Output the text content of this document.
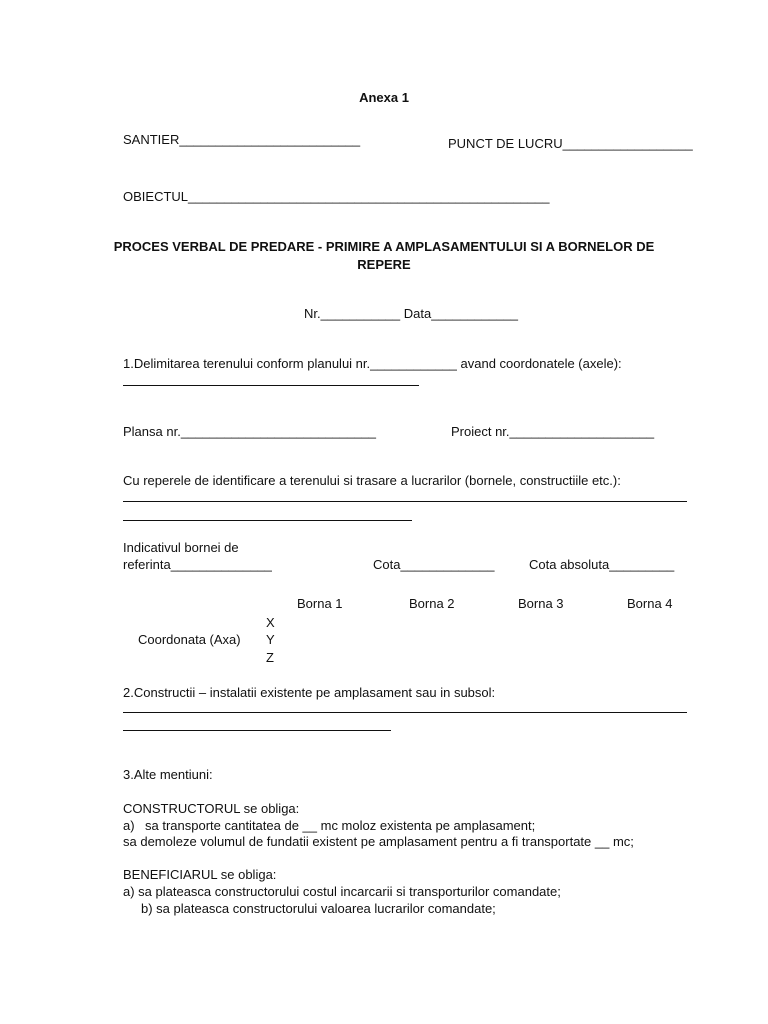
Anexa 1
SANTIER_________________________	PUNCT DE LUCRU__________________
OBIECTUL__________________________________________________
PROCES VERBAL DE PREDARE - PRIMIRE A AMPLASAMENTULUI SI A BORNELOR DE
REPERE
Nr.___________ Data____________
1.Delimitarea terenului conform planului nr.____________ avand coordonatele (axele):
Plansa nr.___________________________	Proiect nr.____________________
Cu reperele de identificare a terenului si trasare a lucrarilor (bornele, constructiile etc.):
Indicativul bornei de
referinta______________	Cota_____________	Cota absoluta_________
Borna 1	Borna 2	Borna 3	Borna 4
X
Coordonata (Axa) Y
Z
2.Constructii – instalatii existente pe amplasament sau in subsol:
3.Alte mentiuni:
CONSTRUCTORUL se obliga:
a) sa transporte cantitatea de __ mc moloz existenta pe amplasament;
sa demoleze volumul de fundatii existent pe amplasament pentru a fi transportate __ mc;
BENEFICIARUL se obliga:
a) sa plateasca constructorului costul incarcarii si transporturilor comandate;
b) sa plateasca constructorului valoarea lucrarilor comandate;
